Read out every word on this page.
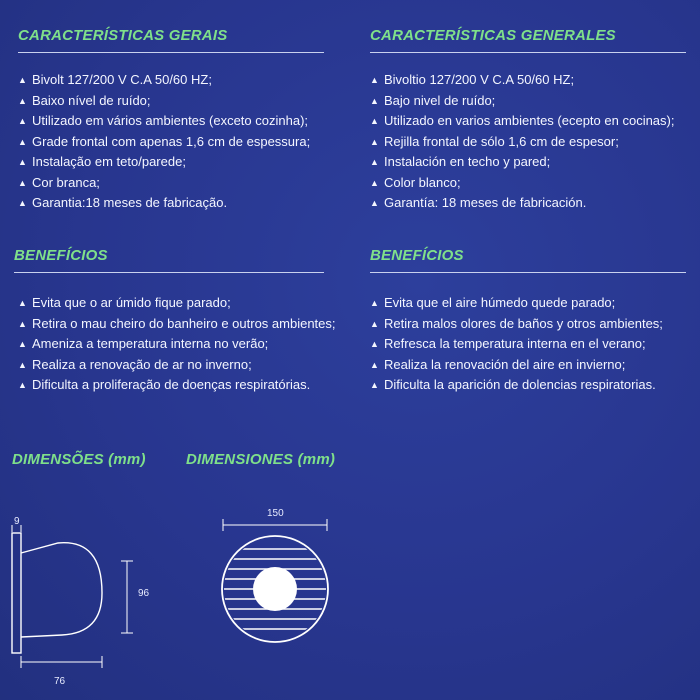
CARACTERÍSTICAS GERAIS
▲ Bivolt 127/200 V C.A 50/60 HZ;
▲ Baixo nível de ruído;
▲ Utilizado em vários ambientes (exceto cozinha);
▲ Grade frontal com apenas 1,6 cm de espessura;
▲ Instalação em teto/parede;
▲ Cor branca;
▲ Garantia:18 meses de fabricação.
BENEFÍCIOS
▲ Evita que o ar úmido fique parado;
▲ Retira o mau cheiro do banheiro e outros ambientes;
▲ Ameniza a temperatura interna no verão;
▲ Realiza a renovação de ar no inverno;
▲ Dificulta a proliferação de doenças respiratórias.
CARACTERÍSTICAS GENERALES
▲ Bivoltio 127/200 V C.A 50/60 HZ;
▲ Bajo nivel de ruído;
▲ Utilizado en varios ambientes (ecepto en cocinas);
▲ Rejilla frontal de sólo 1,6 cm de espesor;
▲ Instalación en techo y pared;
▲ Color blanco;
▲ Garantía: 18 meses de fabricación.
BENEFÍCIOS
▲ Evita que el aire húmedo quede parado;
▲ Retira malos olores de baños y otros ambientes;
▲ Refresca la temperatura interna en el verano;
▲ Realiza la renovación del aire en invierno;
▲ Dificulta la aparición de dolencias respiratorias.
DIMENSÕES (mm)	DIMENSIONES (mm)
9
96
76
150
